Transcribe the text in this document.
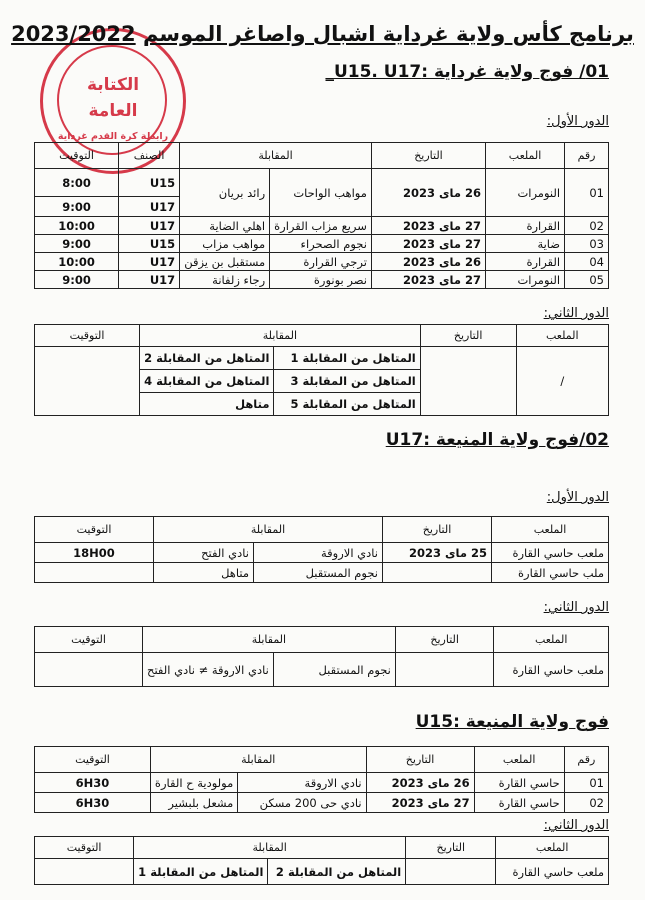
الكتابة
العامة
رابطة كرة القدم غرداية
برنامج كأس ولاية غرداية اشبال واصاغر الموسم 2023/2022
01/ فوج ولاية غرداية :U15. U17_
الدور الأول:
رقم	الملعب	التاريخ	المقابلة		الصنف	التوقيت
01	النومرات	26 ماى 2023	مواهب الواحات	رائد بريان	U15	8:00
					U17	9:00
02	القرارة	27 ماى 2023	سريع مزاب القرارة	اهلي الضاية	U17	10:00
03	ضاية	27 ماى 2023	نجوم الصحراء	مواهب مزاب	U15	9:00
04	القرارة	26 ماى 2023	ترجي القرارة	مستقبل بن يزقن	U17	10:00
05	النومرات	27 ماى 2023	نصر بونورة	رجاء زلفانة	U17	9:00
الدور الثاني:
الملعب	التاريخ	المقابلة		التوقيت
/		المتاهل من المقابلة 1	المتاهل من المقابلة 2	
		المتاهل من المقابلة 3	المتاهل من المقابلة 4	
		المتاهل من المقابلة 5	متاهل	
02/فوج ولاية المنيعة :U17
الدور الأول:
الملعب	التاريخ	المقابلة		التوقيت
ملعب حاسي القارة	25 ماى 2023	نادي الاروقة	نادي الفتح	18H00
ملب حاسي القارة		نجوم المستقبل	متاهل	
الدور الثاني:
الملعب	التاريخ	المقابلة		التوقيت
ملعب حاسي القارة		نجوم المستقبل	نادي الاروقة ≠ نادي الفتح	
فوج ولاية المنيعة :U15
رقم	الملعب	التاريخ	المقابلة		التوقيت
01	حاسي القارة	26 ماى 2023	نادي الاروقة	مولودية ح القارة	6H30
02	حاسي القارة	27 ماى 2023	نادي حى 200 مسكن	مشعل بلبشير	6H30
الدور الثاني:
الملعب	التاريخ	المقابلة		التوقيت
ملعب حاسي القارة		المتاهل من المقابلة 2	المتاهل من المقابلة 1	
